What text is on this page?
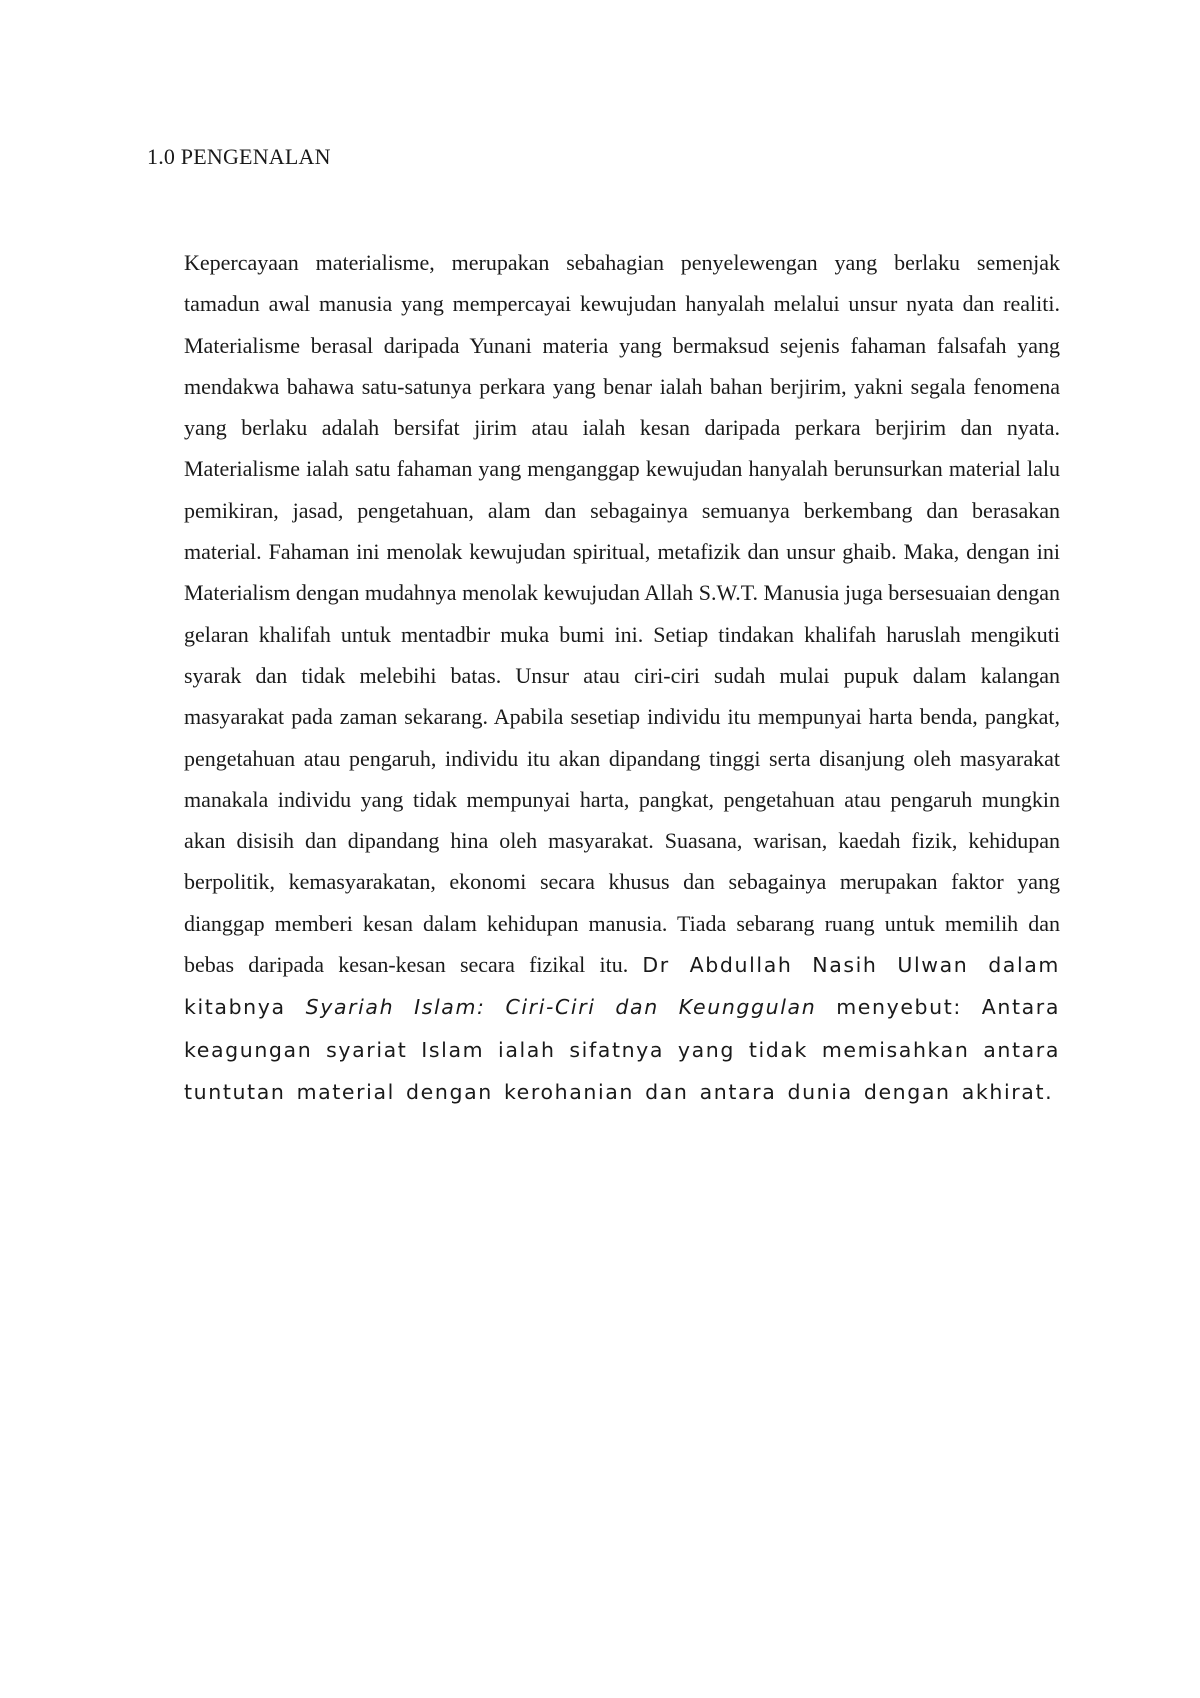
1.0 PENGENALAN

Kepercayaan materialisme, merupakan sebahagian penyelewengan yang berlaku semenjak tamadun awal manusia yang mempercayai kewujudan hanyalah melalui unsur nyata dan realiti. Materialisme berasal daripada Yunani materia yang bermaksud sejenis fahaman falsafah yang mendakwa bahawa satu-satunya perkara yang benar ialah bahan berjirim, yakni segala fenomena yang berlaku adalah bersifat jirim atau ialah kesan daripada perkara berjirim dan nyata. Materialisme ialah satu fahaman yang menganggap kewujudan hanyalah berunsurkan material lalu pemikiran, jasad, pengetahuan, alam dan sebagainya semuanya berkembang dan berasakan material. Fahaman ini menolak kewujudan spiritual, metafizik dan unsur ghaib. Maka, dengan ini Materialism dengan mudahnya menolak kewujudan Allah S.W.T. Manusia juga bersesuaian dengan gelaran khalifah untuk mentadbir muka bumi ini. Setiap tindakan khalifah haruslah mengikuti syarak dan tidak melebihi batas. Unsur atau ciri-ciri sudah mulai pupuk dalam kalangan masyarakat pada zaman sekarang. Apabila sesetiap individu itu mempunyai harta benda, pangkat, pengetahuan atau pengaruh, individu itu akan dipandang tinggi serta disanjung oleh masyarakat manakala individu yang tidak mempunyai harta, pangkat, pengetahuan atau pengaruh mungkin akan disisih dan dipandang hina oleh masyarakat. Suasana, warisan, kaedah fizik, kehidupan berpolitik, kemasyarakatan, ekonomi secara khusus dan sebagainya merupakan faktor yang dianggap memberi kesan dalam kehidupan manusia. Tiada sebarang ruang untuk memilih dan bebas daripada kesan-kesan secara fizikal itu. Dr Abdullah Nasih Ulwan dalam kitabnya Syariah Islam: Ciri-Ciri dan Keunggulan menyebut: Antara keagungan syariat Islam ialah sifatnya yang tidak memisahkan antara tuntutan material dengan kerohanian dan antara dunia dengan akhirat.
